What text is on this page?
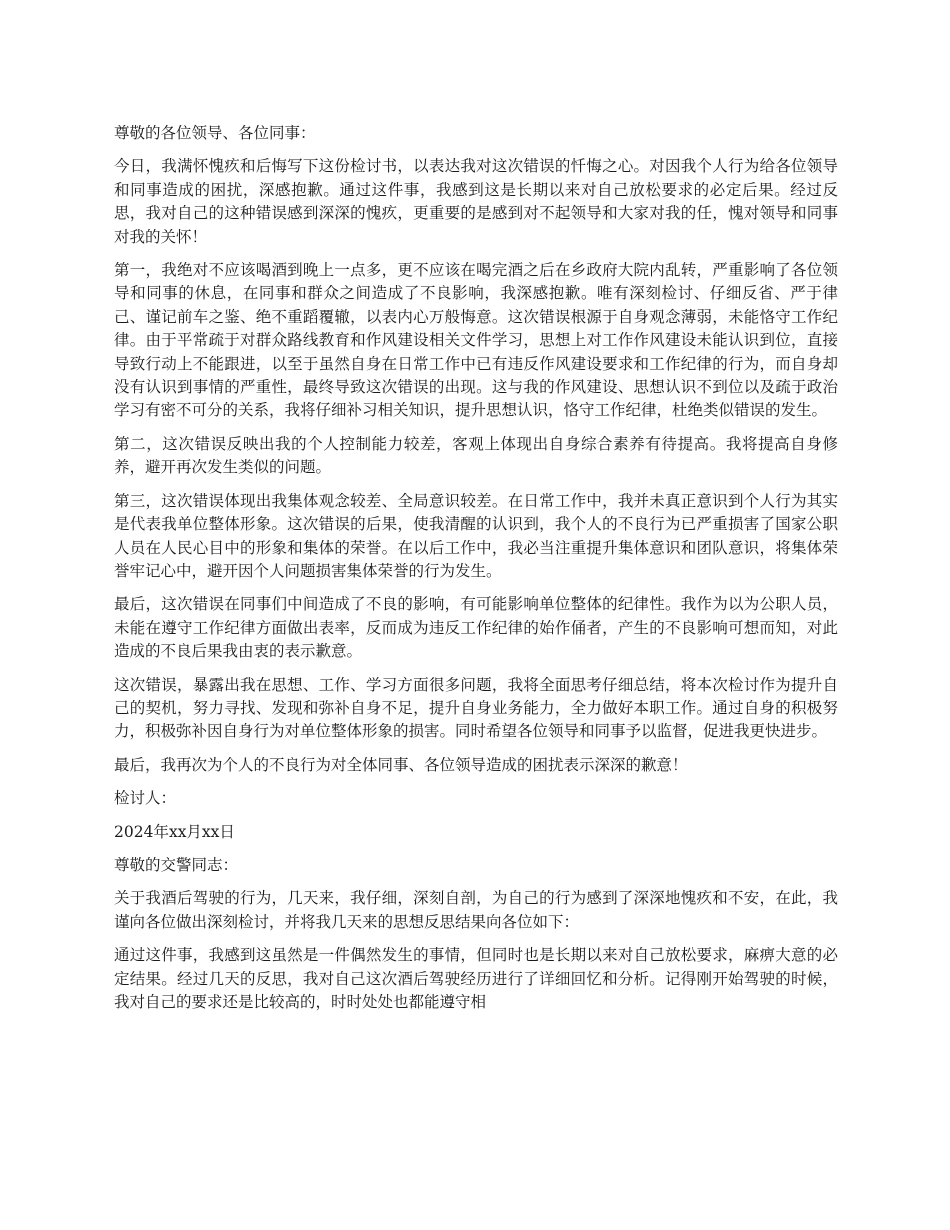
尊敬的各位领导、各位同事：

今日，我满怀愧疚和后悔写下这份检讨书，以表达我对这次错误的忏悔之心。对因我个人行为给各位领导和同事造成的困扰，深感抱歉。通过这件事，我感到这是长期以来对自己放松要求的必定后果。经过反思，我对自己的这种错误感到深深的愧疚，更重要的是感到对不起领导和大家对我的任，愧对领导和同事对我的关怀！

第一，我绝对不应该喝酒到晚上一点多，更不应该在喝完酒之后在乡政府大院内乱转，严重影响了各位领导和同事的休息，在同事和群众之间造成了不良影响，我深感抱歉。唯有深刻检讨、仔细反省、严于律己、谨记前车之鉴、绝不重蹈覆辙，以表内心万般悔意。这次错误根源于自身观念薄弱，未能恪守工作纪律。由于平常疏于对群众路线教育和作风建设相关文件学习，思想上对工作作风建设未能认识到位，直接导致行动上不能跟进，以至于虽然自身在日常工作中已有违反作风建设要求和工作纪律的行为，而自身却没有认识到事情的严重性，最终导致这次错误的出现。这与我的作风建设、思想认识不到位以及疏于政治学习有密不可分的关系，我将仔细补习相关知识，提升思想认识，恪守工作纪律，杜绝类似错误的发生。

第二，这次错误反映出我的个人控制能力较差，客观上体现出自身综合素养有待提高。我将提高自身修养，避开再次发生类似的问题。

第三，这次错误体现出我集体观念较差、全局意识较差。在日常工作中，我并未真正意识到个人行为其实是代表我单位整体形象。这次错误的后果，使我清醒的认识到，我个人的不良行为已严重损害了国家公职人员在人民心目中的形象和集体的荣誉。在以后工作中，我必当注重提升集体意识和团队意识，将集体荣誉牢记心中，避开因个人问题损害集体荣誉的行为发生。

最后，这次错误在同事们中间造成了不良的影响，有可能影响单位整体的纪律性。我作为以为公职人员，未能在遵守工作纪律方面做出表率，反而成为违反工作纪律的始作俑者，产生的不良影响可想而知，对此造成的不良后果我由衷的表示歉意。

这次错误，暴露出我在思想、工作、学习方面很多问题，我将全面思考仔细总结，将本次检讨作为提升自己的契机，努力寻找、发现和弥补自身不足，提升自身业务能力，全力做好本职工作。通过自身的积极努力，积极弥补因自身行为对单位整体形象的损害。同时希望各位领导和同事予以监督，促进我更快进步。

最后，我再次为个人的不良行为对全体同事、各位领导造成的困扰表示深深的歉意！

检讨人：

2024年xx月xx日

尊敬的交警同志：

关于我酒后驾驶的行为，几天来，我仔细，深刻自剖，为自己的行为感到了深深地愧疚和不安，在此，我谨向各位做出深刻检讨，并将我几天来的思想反思结果向各位如下：

通过这件事，我感到这虽然是一件偶然发生的事情，但同时也是长期以来对自己放松要求，麻痹大意的必定结果。经过几天的反思，我对自己这次酒后驾驶经历进行了详细回忆和分析。记得刚开始驾驶的时候，我对自己的要求还是比较高的，时时处处也都能遵守相
